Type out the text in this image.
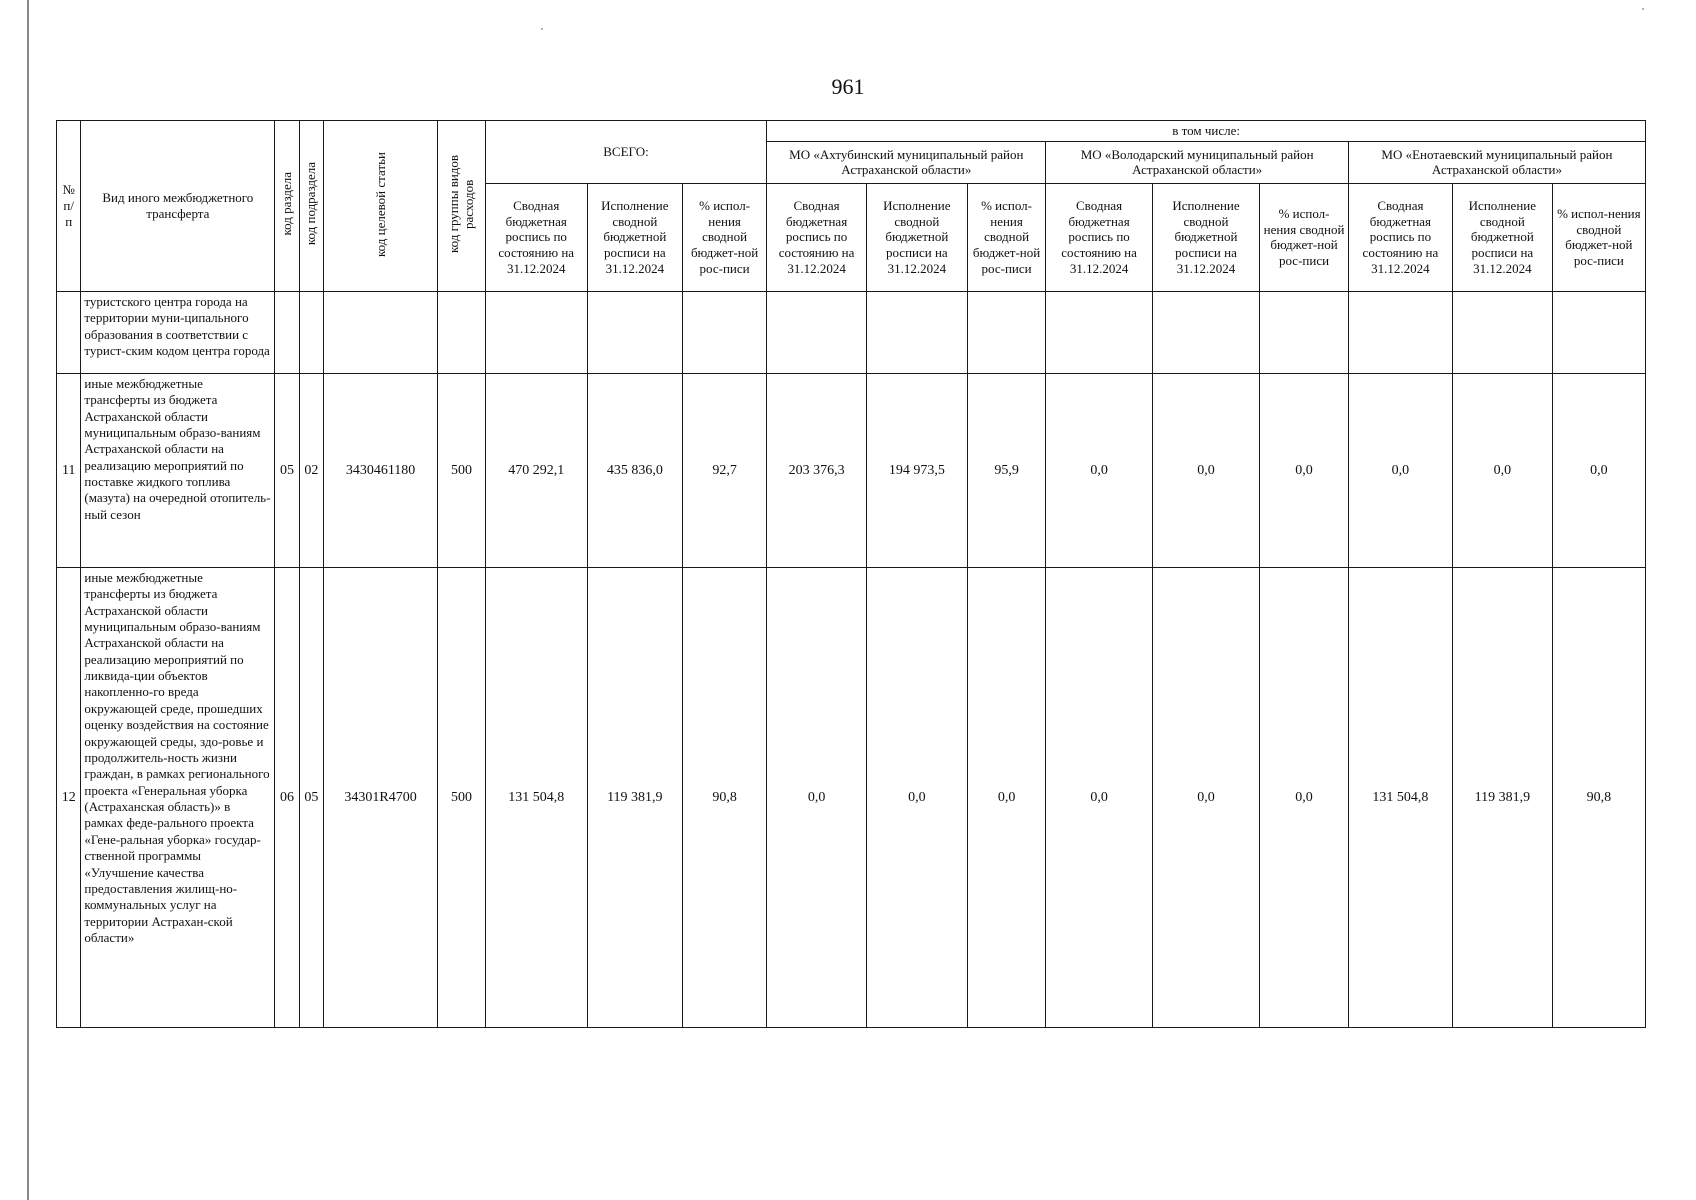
961
№ п/п	Вид иного межбюджетного трансферта	код раздела	код подраздела	код целевой статьи	код группы видов расходов	ВСЕГО:			в том числе:								
									МО «Ахтубинский муниципальный район Астраханской области»			МО «Володарский муниципальный район Астраханской области»			МО «Енотаевский муниципальный район Астраханской области»		
						Сводная бюджетная роспись по состоянию на 31.12.2024	Исполнение сводной бюджетной росписи на 31.12.2024	% испол-нения сводной бюджет-ной рос-писи	Сводная бюджетная роспись по состоянию на 31.12.2024	Исполнение сводной бюджетной росписи на 31.12.2024	% испол-нения сводной бюджет-ной рос-писи	Сводная бюджетная роспись по состоянию на 31.12.2024	Исполнение сводной бюджетной росписи на 31.12.2024	% испол-нения сводной бюджет-ной рос-писи	Сводная бюджетная роспись по состоянию на 31.12.2024	Исполнение сводной бюджетной росписи на 31.12.2024	% испол-нения сводной бюджет-ной рос-писи
	туристского центра города на территории муни-ципального образования в соответствии с турист-ским кодом центра города																
11	иные межбюджетные трансферты из бюджета Астраханской области муниципальным образо-ваниям Астраханской области на реализацию мероприятий по поставке жидкого топлива (мазута) на очередной отопитель-ный сезон	05	02	3430461180	500	470 292,1	435 836,0	92,7	203 376,3	194 973,5	95,9	0,0	0,0	0,0	0,0	0,0	0,0
12	иные межбюджетные трансферты из бюджета Астраханской области муниципальным образо-ваниям Астраханской области на реализацию мероприятий по ликвида-ции объектов накопленно-го вреда окружающей среде, прошедших оценку воздействия на состояние окружающей среды, здо-ровье и продолжитель-ность жизни граждан, в рамках регионального проекта «Генеральная уборка (Астраханская область)» в рамках феде-рального проекта «Гене-ральная уборка» государ-ственной программы «Улучшение качества предоставления жилищ-но-коммунальных услуг на территории Астрахан-ской области»	06	05	34301R4700	500	131 504,8	119 381,9	90,8	0,0	0,0	0,0	0,0	0,0	0,0	131 504,8	119 381,9	90,8
